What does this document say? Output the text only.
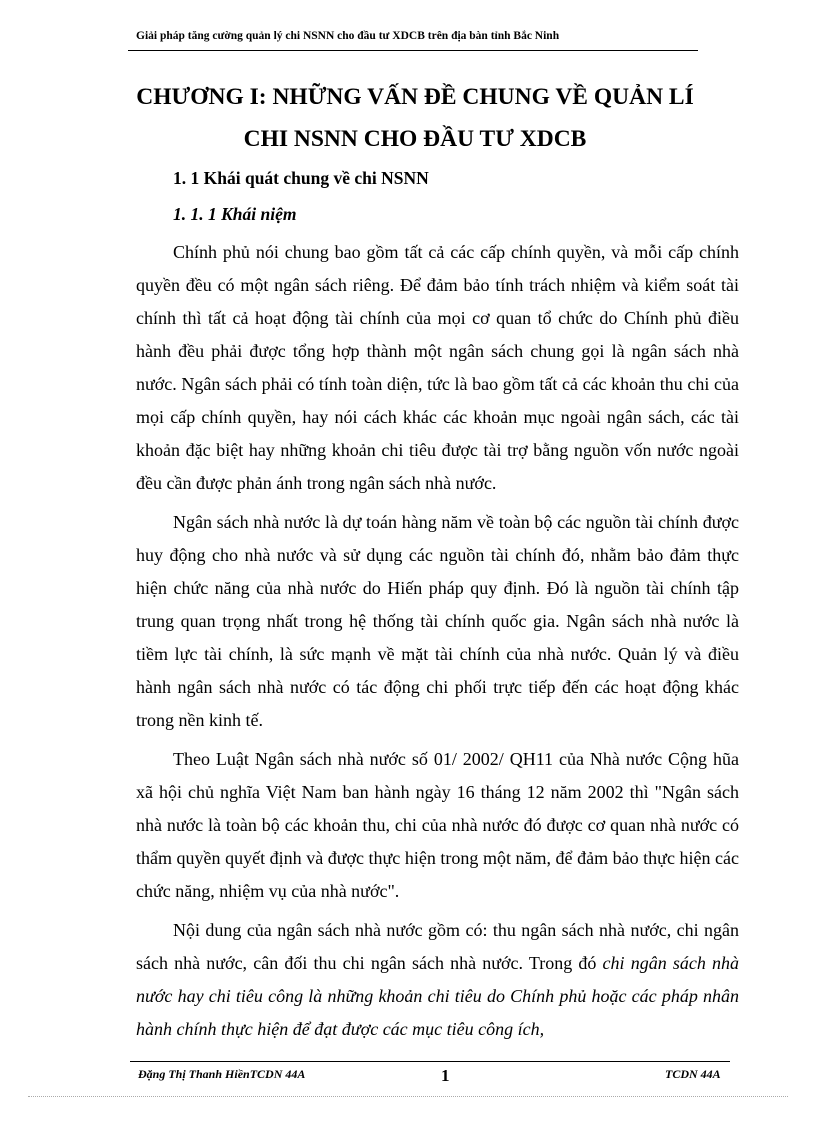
Giải pháp tăng cường quản lý chi NSNN cho đầu tư XDCB trên địa bàn tỉnh Bắc Ninh
CHƯƠNG I: NHỮNG VẤN ĐỀ CHUNG VỀ QUẢN LÍ
CHI NSNN CHO ĐẦU TƯ XDCB
1. 1 Khái quát chung về chi NSNN
1. 1. 1 Khái niệm

Chính phủ nói chung bao gồm tất cả các cấp chính quyền, và mỗi cấp chính quyền đều có một ngân sách riêng. Để đảm bảo tính trách nhiệm và kiểm soát tài chính thì tất cả hoạt động tài chính của mọi cơ quan tổ chức do Chính phủ điều hành đều phải được tổng hợp thành một ngân sách chung gọi là ngân sách nhà nước. Ngân sách phải có tính toàn diện, tức là bao gồm tất cả các khoản thu chi của mọi cấp chính quyền, hay nói cách khác các khoản mục ngoài ngân sách, các tài khoản đặc biệt hay những khoản chi tiêu được tài trợ bằng nguồn vốn nước ngoài đều cần được phản ánh trong ngân sách nhà nước.

Ngân sách nhà nước là dự toán hàng năm về toàn bộ các nguồn tài chính được huy động cho nhà nước và sử dụng các nguồn tài chính đó, nhằm bảo đảm thực hiện chức năng của nhà nước do Hiến pháp quy định. Đó là nguồn tài chính tập trung quan trọng nhất trong hệ thống tài chính quốc gia. Ngân sách nhà nước là tiềm lực tài chính, là sức mạnh về mặt tài chính của nhà nước. Quản lý và điều hành ngân sách nhà nước có tác động chi phối trực tiếp đến các hoạt động khác trong nền kinh tế.

Theo Luật Ngân sách nhà nước số 01/ 2002/ QH11 của Nhà nước Cộng hũa xã hội chủ nghĩa Việt Nam ban hành ngày 16 tháng 12 năm 2002 thì "Ngân sách nhà nước là toàn bộ các khoản thu, chi của nhà nước đó được cơ quan nhà nước có thẩm quyền quyết định và được thực hiện trong một năm, để đảm bảo thực hiện các chức năng, nhiệm vụ của nhà nước".

Nội dung của ngân sách nhà nước gồm có: thu ngân sách nhà nước, chi ngân sách nhà nước, cân đối thu chi ngân sách nhà nước. Trong đó chi ngân sách nhà nước hay chi tiêu công là những khoản chi tiêu do Chính phủ hoặc các pháp nhân hành chính thực hiện để đạt được các mục tiêu công ích,

Đặng Thị Thanh HiềnTCDN 44A	1	TCDN 44A
